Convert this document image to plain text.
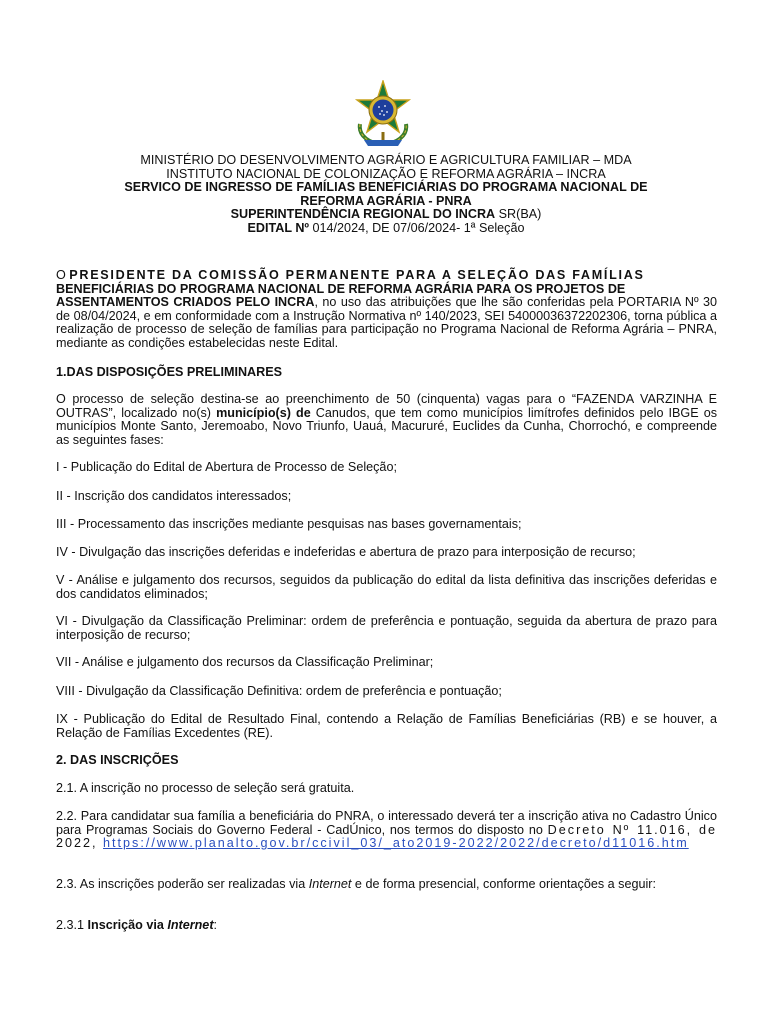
MINISTÉRIO DO DESENVOLVIMENTO AGRÁRIO E AGRICULTURA FAMILIAR – MDA
INSTITUTO NACIONAL DE COLONIZAÇÃO E REFORMA AGRÁRIA – INCRA
SERVICO DE INGRESSO DE FAMÍLIAS BENEFICIÁRIAS DO PROGRAMA NACIONAL DE
REFORMA AGRÁRIA - PNRA
SUPERINTENDÊNCIA REGIONAL DO INCRA SR(BA)
EDITAL Nº 014/2024, DE 07/06/2024- 1ª Seleção

O PRESIDENTE DA COMISSÃO PERMANENTE PARA A SELEÇÃO DAS FAMÍLIAS
BENEFICIÁRIAS DO PROGRAMA NACIONAL DE REFORMA AGRÁRIA PARA OS PROJETOS DE
ASSENTAMENTOS CRIADOS PELO INCRA, no uso das atribuições que lhe são conferidas pela PORTARIA Nº 30 de 08/04/2024, e em conformidade com a Instrução Normativa nº 140/2023, SEI 54000036372202306, torna pública a realização de processo de seleção de famílias para participação no Programa Nacional de Reforma Agrária – PNRA, mediante as condições estabelecidas neste Edital.

1.DAS DISPOSIÇÕES PRELIMINARES

O processo de seleção destina-se ao preenchimento de 50 (cinquenta) vagas para o “FAZENDA VARZINHA E OUTRAS”, localizado no(s) município(s) de Canudos, que tem como municípios limítrofes definidos pelo IBGE os municípios Monte Santo, Jeremoabo, Novo Triunfo, Uauá, Macururé, Euclides da Cunha, Chorrochó, e compreende as seguintes fases:

I - Publicação do Edital de Abertura de Processo de Seleção;
II - Inscrição dos candidatos interessados;
III - Processamento das inscrições mediante pesquisas nas bases governamentais;
IV - Divulgação das inscrições deferidas e indeferidas e abertura de prazo para interposição de recurso;
V - Análise e julgamento dos recursos, seguidos da publicação do edital da lista definitiva das inscrições deferidas e dos candidatos eliminados;
VI - Divulgação da Classificação Preliminar: ordem de preferência e pontuação, seguida da abertura de prazo para interposição de recurso;
VII - Análise e julgamento dos recursos da Classificação Preliminar;
VIII - Divulgação da Classificação Definitiva: ordem de preferência e pontuação;
IX - Publicação do Edital de Resultado Final, contendo a Relação de Famílias Beneficiárias (RB) e se houver, a Relação de Famílias Excedentes (RE).
2. DAS INSCRIÇÕES
2.1. A inscrição no processo de seleção será gratuita.

2.2. Para candidatar sua família a beneficiária do PNRA, o interessado deverá ter a inscrição ativa no Cadastro Único para Programas Sociais do Governo Federal - CadÚnico, nos termos do disposto no Decreto Nº 11.016, de 2022, https://www.planalto.gov.br/ccivil_03/_ato2019-2022/2022/decreto/d11016.htm

2.3. As inscrições poderão ser realizadas via Internet e de forma presencial, conforme orientações a seguir:

2.3.1 Inscrição via Internet:
